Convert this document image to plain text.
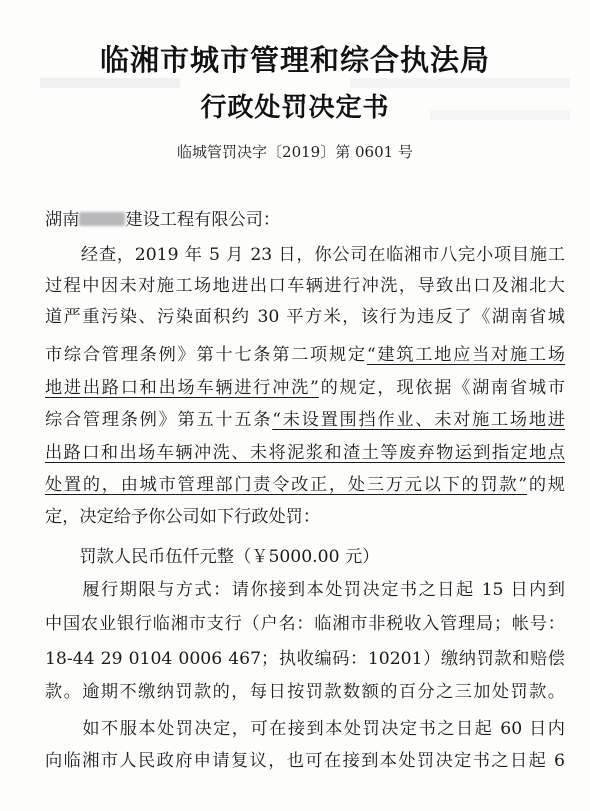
临湘市城市管理和综合执法局
行政处罚决定书
临城管罚决字〔2019〕第 0601 号
湖南	建设工程有限公司：
　　经查，2019 年 5 月 23 日，你公司在临湘市八完小项目施工
过程中因未对施工场地进出口车辆进行冲洗，导致出口及湘北大
道严重污染、污染面积约 30 平方米，该行为违反了《湖南省城
市综合管理条例》第十七条第二项规定“建筑工地应当对施工场
地进出路口和出场车辆进行冲洗”的规定，现依据《湖南省城市
综合管理条例》第五十五条“未设置围挡作业、未对施工场地进
出路口和出场车辆冲洗、未将泥浆和渣土等废弃物运到指定地点
处置的，由城市管理部门责令改正，处三万元以下的罚款”的规
定，决定给予你公司如下行政处罚：
　　罚款人民币伍仟元整（￥5000.00 元）
　　履行期限与方式：请你接到本处罚决定书之日起 15 日内到
中国农业银行临湘市支行（户名：临湘市非税收入管理局；帐号：
18-44 29 0104 0006 467；执收编码：10201）缴纳罚款和赔偿
款。逾期不缴纳罚款的，每日按罚款数额的百分之三加处罚款。
　　如不服本处罚决定，可在接到本处罚决定书之日起 60 日内
向临湘市人民政府申请复议，也可在接到本处罚决定书之日起 6
